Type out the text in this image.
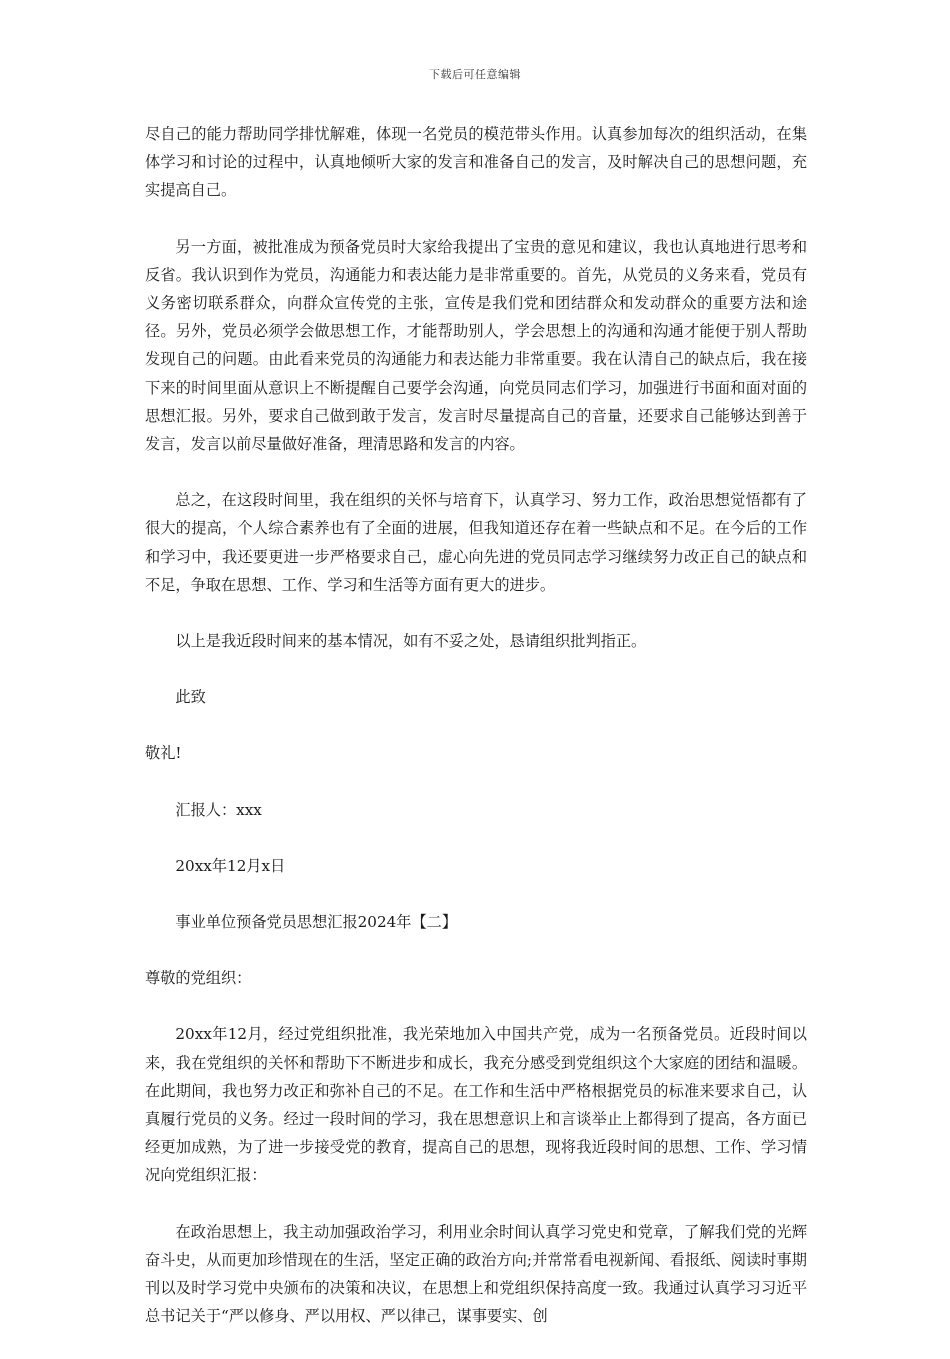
下载后可任意编辑

尽自己的能力帮助同学排忧解难，体现一名党员的模范带头作用。认真参加每次的组织活动，在集体学习和讨论的过程中，认真地倾听大家的发言和准备自己的发言，及时解决自己的思想问题，充实提高自己。

另一方面，被批准成为预备党员时大家给我提出了宝贵的意见和建议，我也认真地进行思考和反省。我认识到作为党员，沟通能力和表达能力是非常重要的。首先，从党员的义务来看，党员有义务密切联系群众，向群众宣传党的主张，宣传是我们党和团结群众和发动群众的重要方法和途径。另外，党员必须学会做思想工作，才能帮助别人，学会思想上的沟通和沟通才能便于别人帮助发现自己的问题。由此看来党员的沟通能力和表达能力非常重要。我在认清自己的缺点后，我在接下来的时间里面从意识上不断提醒自己要学会沟通，向党员同志们学习，加强进行书面和面对面的思想汇报。另外，要求自己做到敢于发言，发言时尽量提高自己的音量，还要求自己能够达到善于发言，发言以前尽量做好准备，理清思路和发言的内容。

总之，在这段时间里，我在组织的关怀与培育下，认真学习、努力工作，政治思想觉悟都有了很大的提高，个人综合素养也有了全面的进展，但我知道还存在着一些缺点和不足。在今后的工作和学习中，我还要更进一步严格要求自己，虚心向先进的党员同志学习继续努力改正自己的缺点和不足，争取在思想、工作、学习和生活等方面有更大的进步。

以上是我近段时间来的基本情况，如有不妥之处，恳请组织批判指正。

此致

敬礼!

汇报人：xxx

20xx年12月x日

事业单位预备党员思想汇报2024年【二】

尊敬的党组织：

20xx年12月，经过党组织批准，我光荣地加入中国共产党，成为一名预备党员。近段时间以来，我在党组织的关怀和帮助下不断进步和成长，我充分感受到党组织这个大家庭的团结和温暖。在此期间，我也努力改正和弥补自己的不足。在工作和生活中严格根据党员的标准来要求自己，认真履行党员的义务。经过一段时间的学习，我在思想意识上和言谈举止上都得到了提高，各方面已经更加成熟，为了进一步接受党的教育，提高自己的思想，现将我近段时间的思想、工作、学习情况向党组织汇报：

在政治思想上，我主动加强政治学习，利用业余时间认真学习党史和党章，了解我们党的光辉奋斗史，从而更加珍惜现在的生活，坚定正确的政治方向;并常常看电视新闻、看报纸、阅读时事期刊以及时学习党中央颁布的决策和决议，在思想上和党组织保持高度一致。我通过认真学习习近平总书记关于“严以修身、严以用权、严以律己，谋事要实、创
